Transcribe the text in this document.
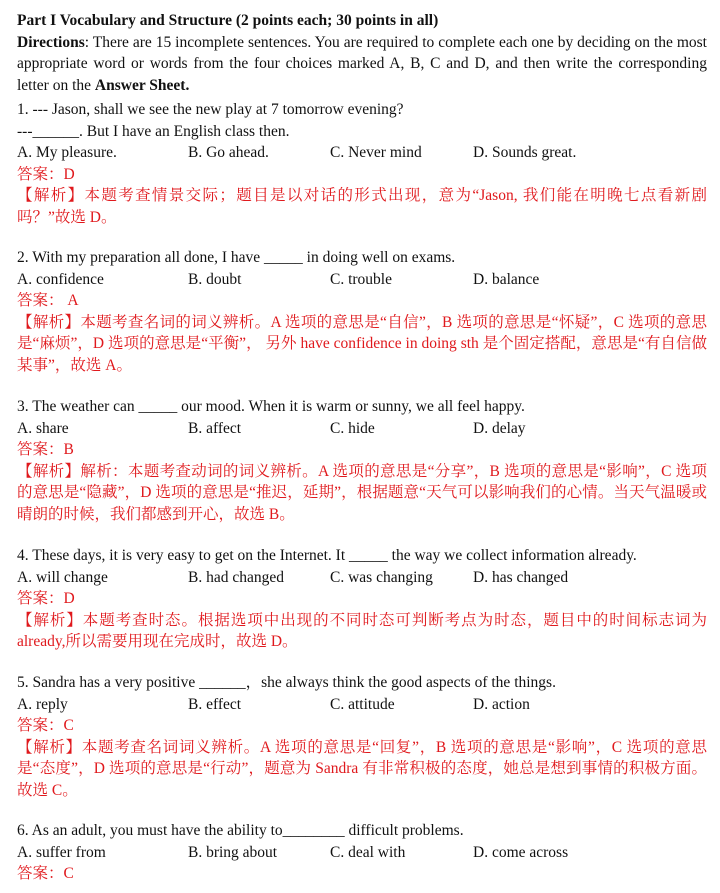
Part I Vocabulary and Structure (2 points each; 30 points in all)
Directions: There are 15 incomplete sentences. You are required to complete each one by deciding on the most appropriate word or words from the four choices marked A, B, C and D, and then write the corresponding letter on the Answer Sheet.
1. --- Jason, shall we see the new play at 7 tomorrow evening?
---______. But I have an English class then.
A. My pleasure.	B. Go ahead.	C. Never mind	D. Sounds great.
答案：D
【解析】本题考查情景交际；题目是以对话的形式出现，意为“Jason, 我们能在明晚七点看新剧吗？”故选 D。
2. With my preparation all done, I have _____ in doing well on exams.
A. confidence	B. doubt	C. trouble	D. balance
答案： A
【解析】本题考查名词的词义辨析。A 选项的意思是“自信”，B 选项的意思是“怀疑”，C 选项的意思是“麻烦”，D 选项的意思是“平衡”， 另外 have confidence in doing sth 是个固定搭配，意思是“有自信做某事”，故选 A。
3. The weather can _____ our mood. When it is warm or sunny, we all feel happy.
A. share	B. affect	C. hide	D. delay
答案：B
【解析】解析：本题考查动词的词义辨析。A 选项的意思是“分享”，B 选项的意思是“影响”，C 选项的意思是“隐藏”，D 选项的意思是“推迟，延期”，根据题意“天气可以影响我们的心情。当天气温暖或晴朗的时候，我们都感到开心，故选 B。
4. These days, it is very easy to get on the Internet. It _____ the way we collect information already.
A. will change	B. had changed	C. was changing	D. has changed
答案：D
【解析】本题考查时态。根据选项中出现的不同时态可判断考点为时态，题目中的时间标志词为 already,所以需要用现在完成时，故选 D。
5. Sandra has a very positive ______，she always think the good aspects of the things.
A. reply	B. effect	C. attitude	D. action
答案：C
【解析】本题考查名词词义辨析。A 选项的意思是“回复”，B 选项的意思是“影响”，C 选项的意思是“态度”，D 选项的意思是“行动”，题意为 Sandra 有非常积极的态度，她总是想到事情的积极方面。故选 C。
6. As an adult, you must have the ability to________ difficult problems.
A. suffer from	B. bring about	C. deal with	D. come across
答案：C
